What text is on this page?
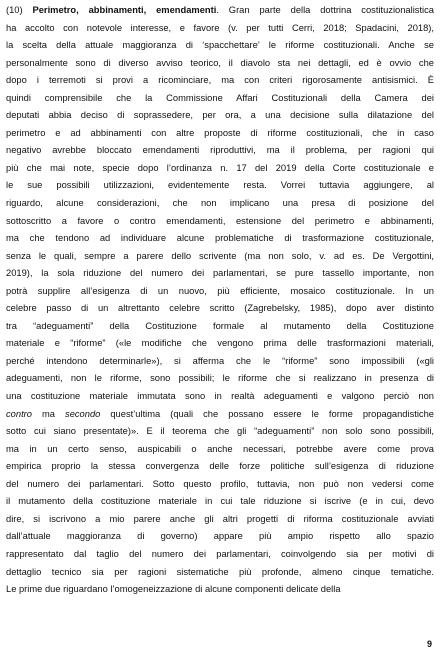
(10) Perimetro, abbinamenti, emendamenti. Gran parte della dottrina costituzionalistica
ha accolto con notevole interesse, e favore (v. per tutti Cerri, 2018; Spadacini, 2018),
la scelta della attuale maggioranza di ‘spacchettare’ le riforme costituzionali. Anche se
personalmente sono di diverso avviso teorico, il diavolo sta nei dettagli, ed è ovvio che
dopo i terremoti si provi a ricominciare, ma con criteri rigorosamente antisismici. È
quindi comprensibile che la Commissione Affari Costituzionali della Camera dei
deputati abbia deciso di soprassedere, per ora, a una decisione sulla dilatazione del
perimetro e ad abbinamenti con altre proposte di riforme costituzionali, che in caso
negativo avrebbe bloccato emendamenti riproduttivi, ma il problema, per ragioni qui
più che mai note, specie dopo l’ordinanza n. 17 del 2019 della Corte costituzionale e
le sue possibili utilizzazioni, evidentemente resta. Vorrei tuttavia aggiungere, al
riguardo, alcune considerazioni, che non implicano una presa di posizione del
sottoscritto a favore o contro emendamenti, estensione del perimetro e abbinamenti,
ma che tendono ad individuare alcune problematiche di trasformazione costituzionale,
senza le quali, sempre a parere dello scrivente (ma non solo, v. ad es. De Vergottini,
2019), la sola riduzione del numero dei parlamentari, se pure tassello importante, non
potrà supplire all’esigenza di un nuovo, più efficiente, mosaico costituzionale. In un
celebre passo di un altrettanto celebre scritto (Zagrebelsky, 1985), dopo aver distinto
tra “adeguamenti” della Costituzione formale al mutamento della Costituzione
materiale e “riforme” («le modifiche che vengono prima delle trasformazioni materiali,
perché intendono determinarle»), si afferma che le “riforme” sono impossibili («gli
adeguamenti, non le riforme, sono possibili; le riforme che si realizzano in presenza di
una costituzione materiale immutata sono in realtà adeguamenti e valgono perciò non
contro ma secondo quest’ultima (quali che possano essere le forme propagandistiche
sotto cui siano presentate)». E il teorema che gli “adeguamenti” non solo sono possibili,
ma in un certo senso, auspicabili o anche necessari, potrebbe avere come prova
empirica proprio la stessa convergenza delle forze politiche sull’esigenza di riduzione
del numero dei parlamentari. Sotto questo profilo, tuttavia, non può non vedersi come
il mutamento della costituzione materiale in cui tale riduzione si iscrive (e in cui, devo
dire, si iscrivono a mio parere anche gli altri progetti di riforma costituzionale avviati
dall’attuale maggioranza di governo) appare più ampio rispetto allo spazio
rappresentato dal taglio del numero dei parlamentari, coinvolgendo sia per motivi di
dettaglio tecnico sia per ragioni sistematiche più profonde, almeno cinque tematiche.
Le prime due riguardano l’omogeneizzazione di alcune componenti delicate della

9
